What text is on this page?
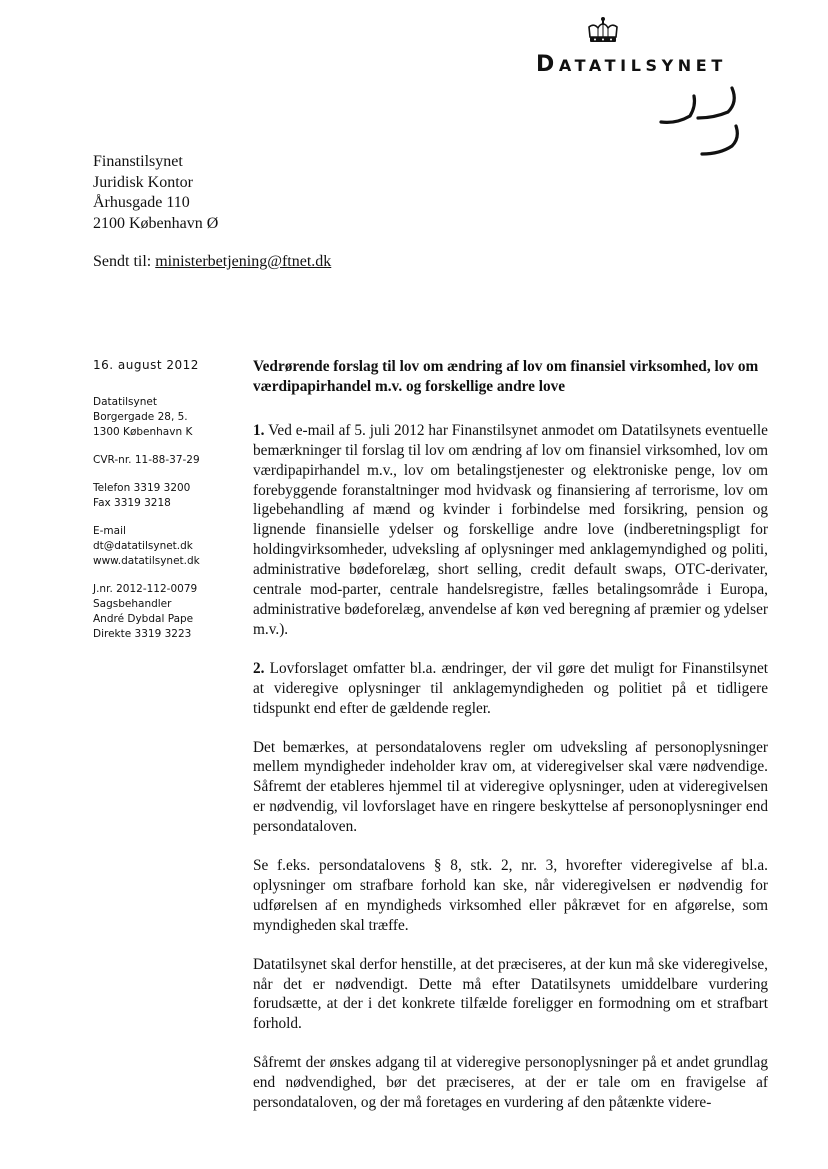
DATATILSYNET
Finanstilsynet
Juridisk Kontor
Århusgade 110
2100 København Ø
Sendt til: ministerbetjening@ftnet.dk
16. august 2012
Datatilsynet
Borgergade 28, 5.
1300 København K
CVR-nr. 11-88-37-29
Telefon 3319 3200
Fax 3319 3218
E-mail
dt@datatilsynet.dk
www.datatilsynet.dk
J.nr. 2012-112-0079
Sagsbehandler
André Dybdal Pape
Direkte 3319 3223
Vedrørende forslag til lov om ændring af lov om finansiel virksomhed, lov om værdipapirhandel m.v. og forskellige andre love

1. Ved e-mail af 5. juli 2012 har Finanstilsynet anmodet om Datatilsynets eventuelle bemærkninger til forslag til lov om ændring af lov om finansiel virksomhed, lov om værdipapirhandel m.v., lov om betalingstjenester og elektroniske penge, lov om forebyggende foranstaltninger mod hvidvask og finansiering af terrorisme, lov om ligebehandling af mænd og kvinder i forbindelse med forsikring, pension og lignende finansielle ydelser og forskellige andre love (indberetningspligt for holdingvirksomheder, udveksling af oplysninger med anklagemyndighed og politi, administrative bødeforelæg, short selling, credit default swaps, OTC-derivater, centrale mod-parter, centrale handelsregistre, fælles betalingsområde i Europa, administrative bødeforelæg, anvendelse af køn ved beregning af præmier og ydelser m.v.).

2. Lovforslaget omfatter bl.a. ændringer, der vil gøre det muligt for Finanstilsynet at videregive oplysninger til anklagemyndigheden og politiet på et tidligere tidspunkt end efter de gældende regler.

Det bemærkes, at persondatalovens regler om udveksling af personoplysninger mellem myndigheder indeholder krav om, at videregivelser skal være nødvendige. Såfremt der etableres hjemmel til at videregive oplysninger, uden at videregivelsen er nødvendig, vil lovforslaget have en ringere beskyttelse af personoplysninger end persondataloven.

Se f.eks. persondatalovens § 8, stk. 2, nr. 3, hvorefter videregivelse af bl.a. oplysninger om strafbare forhold kan ske, når videregivelsen er nødvendig for udførelsen af en myndigheds virksomhed eller påkrævet for en afgørelse, som myndigheden skal træffe.

Datatilsynet skal derfor henstille, at det præciseres, at der kun må ske videregivelse, når det er nødvendigt. Dette må efter Datatilsynets umiddelbare vurdering forudsætte, at der i det konkrete tilfælde foreligger en formodning om et strafbart forhold.

Såfremt der ønskes adgang til at videregive personoplysninger på et andet grundlag end nødvendighed, bør det præciseres, at der er tale om en fravigelse af persondataloven, og der må foretages en vurdering af den påtænkte videre-
